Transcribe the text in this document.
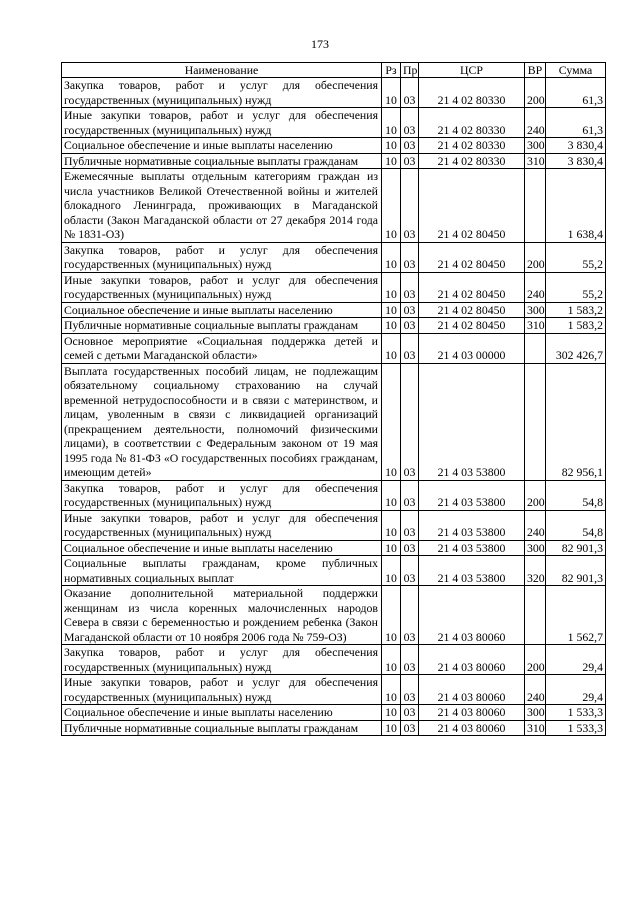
173
Наименование	Рз	Пр	ЦСР	ВР	Сумма
Закупка товаров, работ и услуг для обеспечения государственных (муниципальных) нужд	10	03	21 4 02 80330	200	61,3
Иные закупки товаров, работ и услуг для обеспечения государственных (муниципальных) нужд	10	03	21 4 02 80330	240	61,3
Социальное обеспечение и иные выплаты населению	10	03	21 4 02 80330	300	3 830,4
Публичные нормативные социальные выплаты гражданам	10	03	21 4 02 80330	310	3 830,4
Ежемесячные выплаты отдельным категориям граждан из числа участников Великой Отечественной войны и жителей блокадного Ленинграда, проживающих в Магаданской области (Закон Магаданской области от 27 декабря 2014 года № 1831-ОЗ)	10	03	21 4 02 80450		1 638,4
Закупка товаров, работ и услуг для обеспечения государственных (муниципальных) нужд	10	03	21 4 02 80450	200	55,2
Иные закупки товаров, работ и услуг для обеспечения государственных (муниципальных) нужд	10	03	21 4 02 80450	240	55,2
Социальное обеспечение и иные выплаты населению	10	03	21 4 02 80450	300	1 583,2
Публичные нормативные социальные выплаты гражданам	10	03	21 4 02 80450	310	1 583,2
Основное мероприятие «Социальная поддержка детей и семей с детьми Магаданской области»	10	03	21 4 03 00000		302 426,7
Выплата государственных пособий лицам, не подлежащим обязательному социальному страхованию на случай временной нетрудоспособности и в связи с материнством, и лицам, уволенным в связи с ликвидацией организаций (прекращением деятельности, полномочий физическими лицами), в соответствии с Федеральным законом от 19 мая 1995 года № 81-ФЗ «О государственных пособиях гражданам, имеющим детей»	10	03	21 4 03 53800		82 956,1
Закупка товаров, работ и услуг для обеспечения государственных (муниципальных) нужд	10	03	21 4 03 53800	200	54,8
Иные закупки товаров, работ и услуг для обеспечения государственных (муниципальных) нужд	10	03	21 4 03 53800	240	54,8
Социальное обеспечение и иные выплаты населению	10	03	21 4 03 53800	300	82 901,3
Социальные выплаты гражданам, кроме публичных нормативных социальных выплат	10	03	21 4 03 53800	320	82 901,3
Оказание дополнительной материальной поддержки женщинам из числа коренных малочисленных народов Севера в связи с беременностью и рождением ребенка (Закон Магаданской области от 10 ноября 2006 года № 759-ОЗ)	10	03	21 4 03 80060		1 562,7
Закупка товаров, работ и услуг для обеспечения государственных (муниципальных) нужд	10	03	21 4 03 80060	200	29,4
Иные закупки товаров, работ и услуг для обеспечения государственных (муниципальных) нужд	10	03	21 4 03 80060	240	29,4
Социальное обеспечение и иные выплаты населению	10	03	21 4 03 80060	300	1 533,3
Публичные нормативные социальные выплаты гражданам	10	03	21 4 03 80060	310	1 533,3
